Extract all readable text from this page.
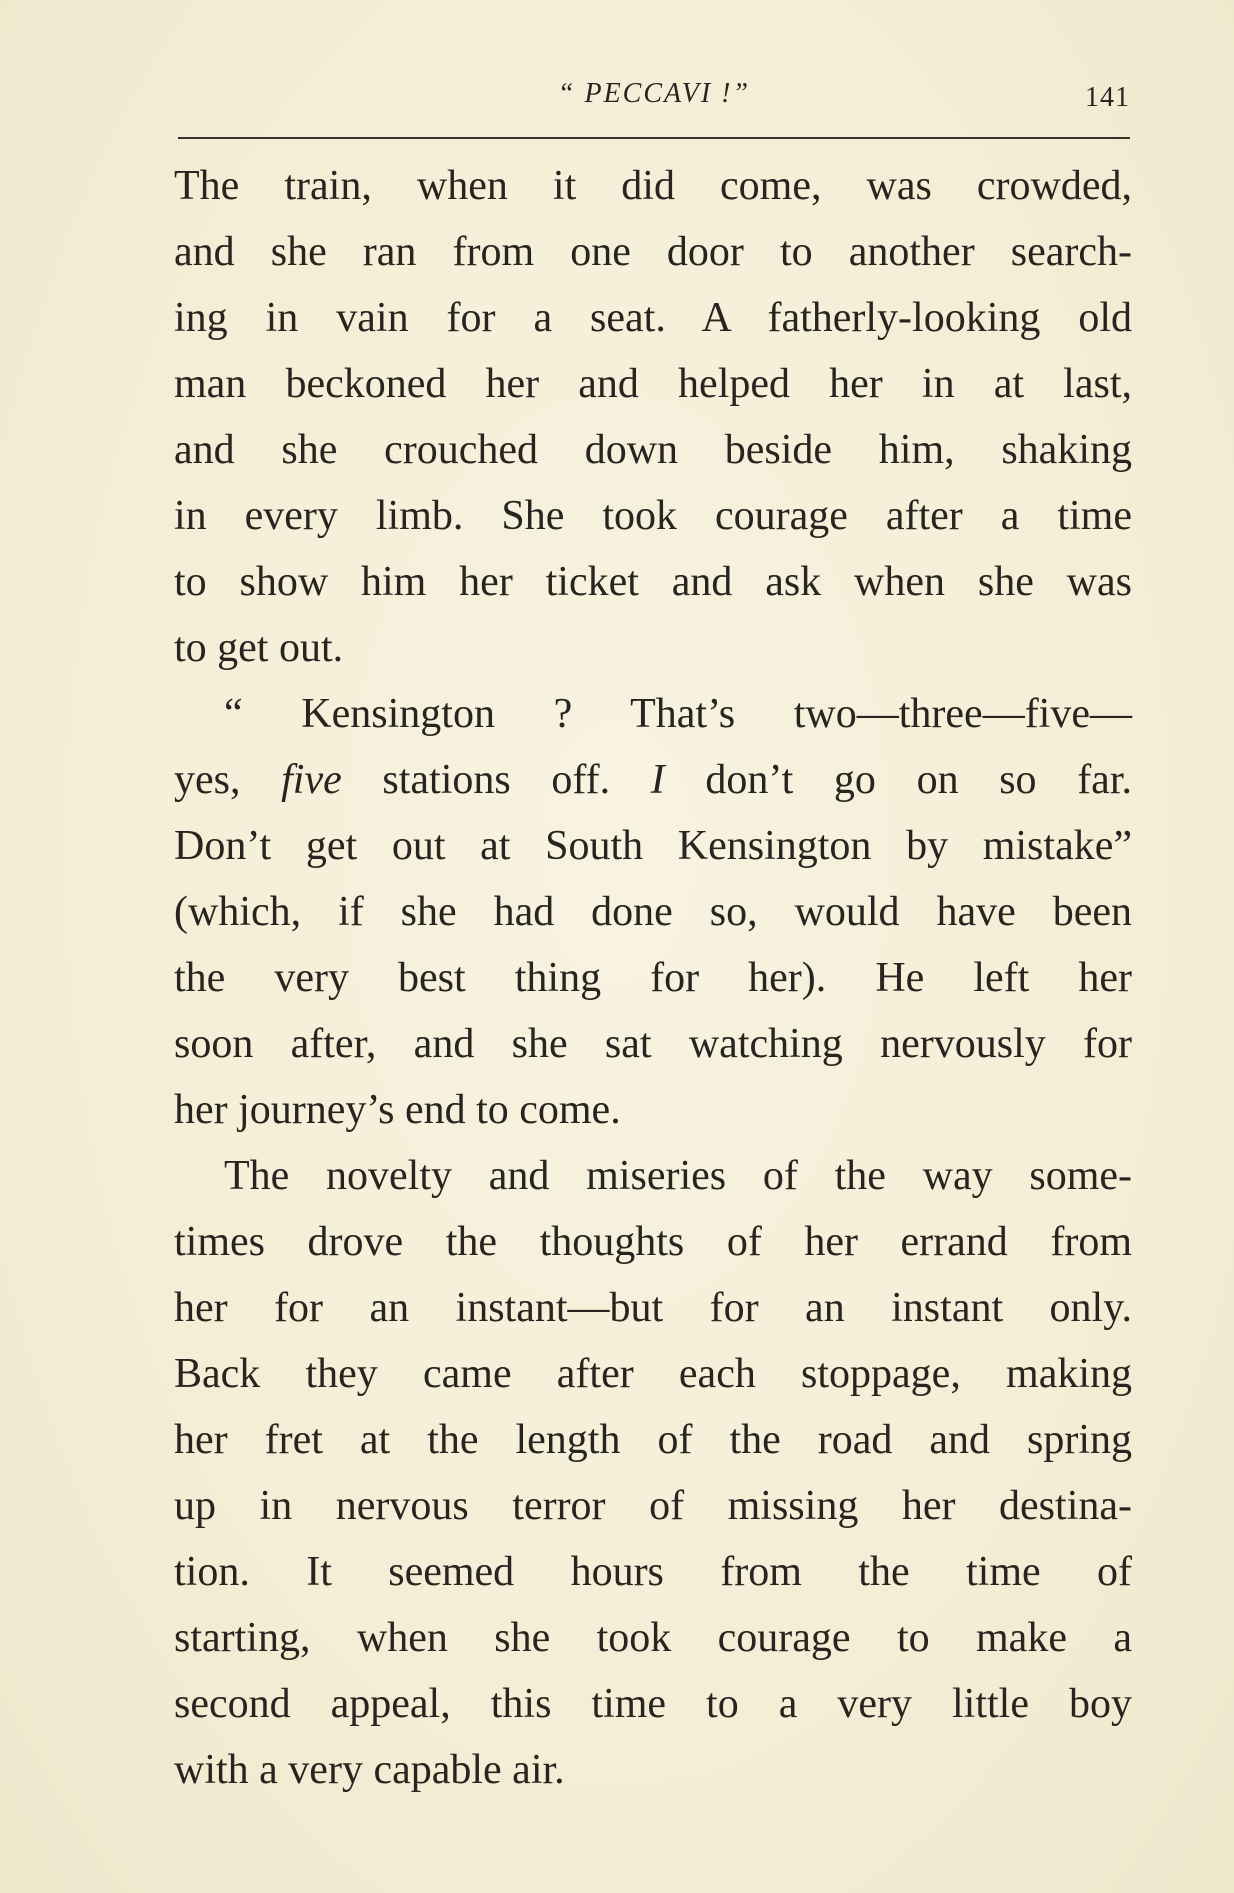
“ PECCAVI !”	141
The train, when it did come, was crowded,
and she ran from one door to another search-
ing in vain for a seat. A fatherly-looking old
man beckoned her and helped her in at last,
and she crouched down beside him, shaking
in every limb. She took courage after a time
to show him her ticket and ask when she was
to get out.
“ Kensington ? That’s two—three—five—
yes, five stations off. I don’t go on so far.
Don’t get out at South Kensington by mistake”
(which, if she had done so, would have been
the very best thing for her). He left her
soon after, and she sat watching nervously for
her journey’s end to come.
The novelty and miseries of the way some-
times drove the thoughts of her errand from
her for an instant—but for an instant only.
Back they came after each stoppage, making
her fret at the length of the road and spring
up in nervous terror of missing her destina-
tion. It seemed hours from the time of
starting, when she took courage to make a
second appeal, this time to a very little boy
with a very capable air.
